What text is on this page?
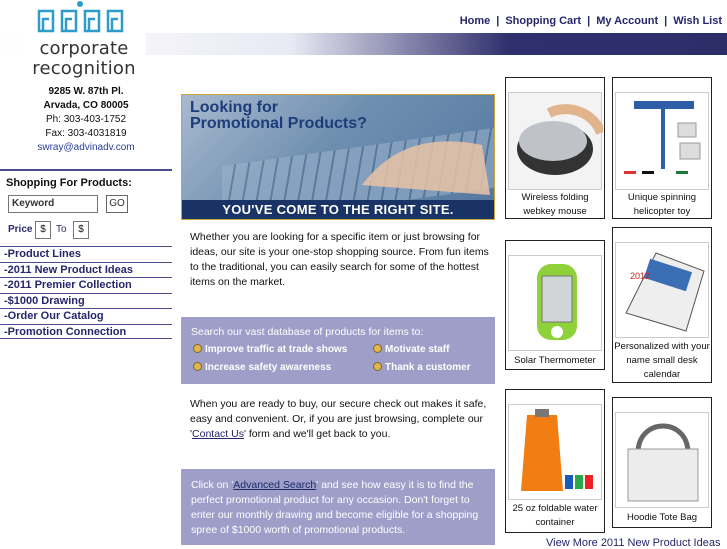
corporate
recognition
Home | Shopping Cart | My Account | Wish List
9285 W. 87th Pl.
Arvada, CO 80005
Ph: 303-403-1752
Fax: 303-4031819
swray@advinadv.com
Shopping For Products:
Keyword	GO
Price $	To	$
-Product Lines
-2011 New Product Ideas
-2011 Premier Collection
-$1000 Drawing
-Order Our Catalog
-Promotion Connection
Looking for
Promotional Products?
YOU'VE COME TO THE RIGHT SITE.
Whether you are looking for a specific item or just browsing for ideas, our site is your one-stop shopping source. From fun items to the traditional, you can easily search for some of the hottest items on the market.
Search our vast database of products for items to:
Improve traffic at trade shows	Motivate staff
Increase safety awareness	Thank a customer
When you are ready to buy, our secure check out makes it safe, easy and convenient. Or, if you are just browsing, complete our 'Contact Us' form and we'll get back to you.
Click on 'Advanced Search' and see how easy it is to find the perfect promotional product for any occasion. Don't forget to enter our monthly drawing and become eligible for a shopping spree of $1000 worth of promotional products.
Wireless folding webkey mouse
Unique spinning helicopter toy
Solar Thermometer
2012
Personalized with your name small desk calendar
25 oz foldable water container	Hoodie Tote Bag
View More 2011 New Product Ideas
